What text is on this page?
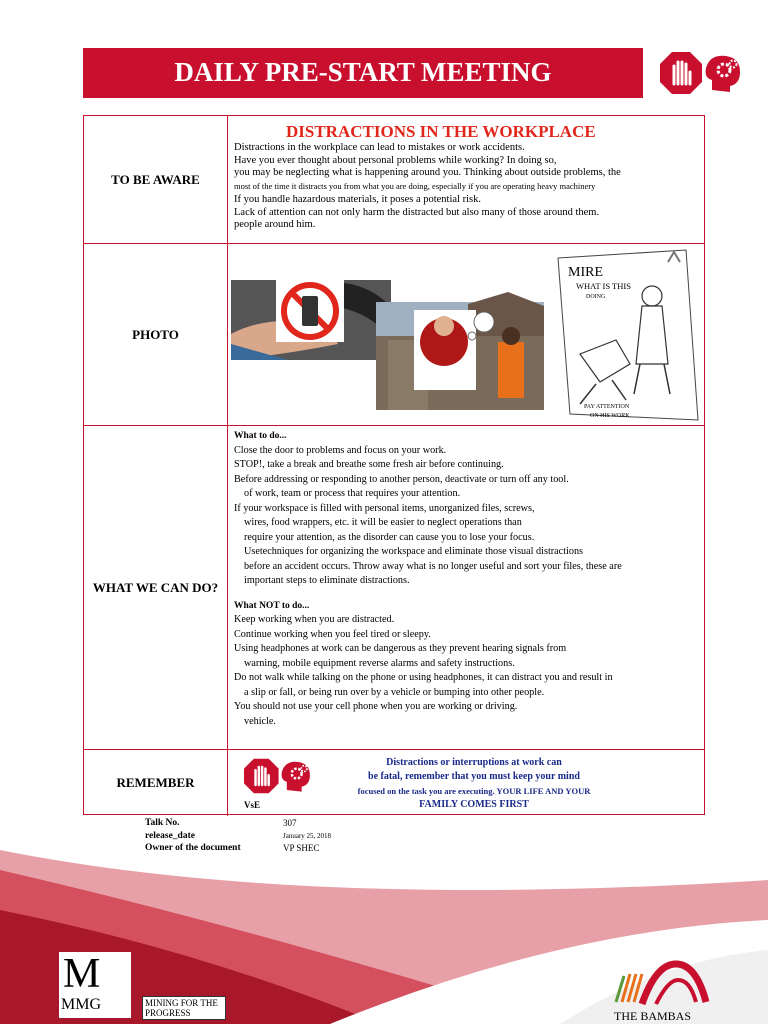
DAILY PRE-START MEETING
TO BE AWARE
DISTRACTIONS IN THE WORKPLACE
Distractions in the workplace can lead to mistakes or work accidents.
Have you ever thought about personal problems while working? In doing so,
you may be neglecting what is happening around you. Thinking about outside problems, the
most of the time it distracts you from what you are doing, especially if you are operating heavy machinery
If you handle hazardous materials, it poses a potential risk.
Lack of attention can not only harm the distracted but also many of those around them.
people around him.
PHOTO
MIRE
WHAT IS THIS
DOING
PAY ATTENTION
ON HIS WORK
WHAT WE CAN DO?

What to do...

Close the door to problems and focus on your work.

STOP!, take a break and breathe some fresh air before continuing.

Before addressing or responding to another person, deactivate or turn off any tool.

of work, team or process that requires your attention.

If your workspace is filled with personal items, unorganized files, screws,

wires, food wrappers, etc. it will be easier to neglect operations than

require your attention, as the disorder can cause you to lose your focus.

Usetechniques for organizing the workspace and eliminate those visual distractions

before an accident occurs. Throw away what is no longer useful and sort your files, these are

important steps to eliminate distractions.

What NOT to do...

Keep working when you are distracted.

Continue working when you feel tired or sleepy.

Using headphones at work can be dangerous as they prevent hearing signals from

warning, mobile equipment reverse alarms and safety instructions.

Do not walk while talking on the phone or using headphones, it can distract you and result in

a slip or fall, or being run over by a vehicle or bumping into other people.

You should not use your cell phone when you are working or driving.

vehicle.

REMEMBER
VsE
Distractions or interruptions at work can
be fatal, remember that you must keep your mind
focused on the task you are executing. YOUR LIFE AND YOUR
FAMILY COMES FIRST
Talk No.
release_date
Owner of the document
307
January 25, 2018
VP SHEC
M
MMG	MINING FOR THE PROGRESS	THE BAMBAS
